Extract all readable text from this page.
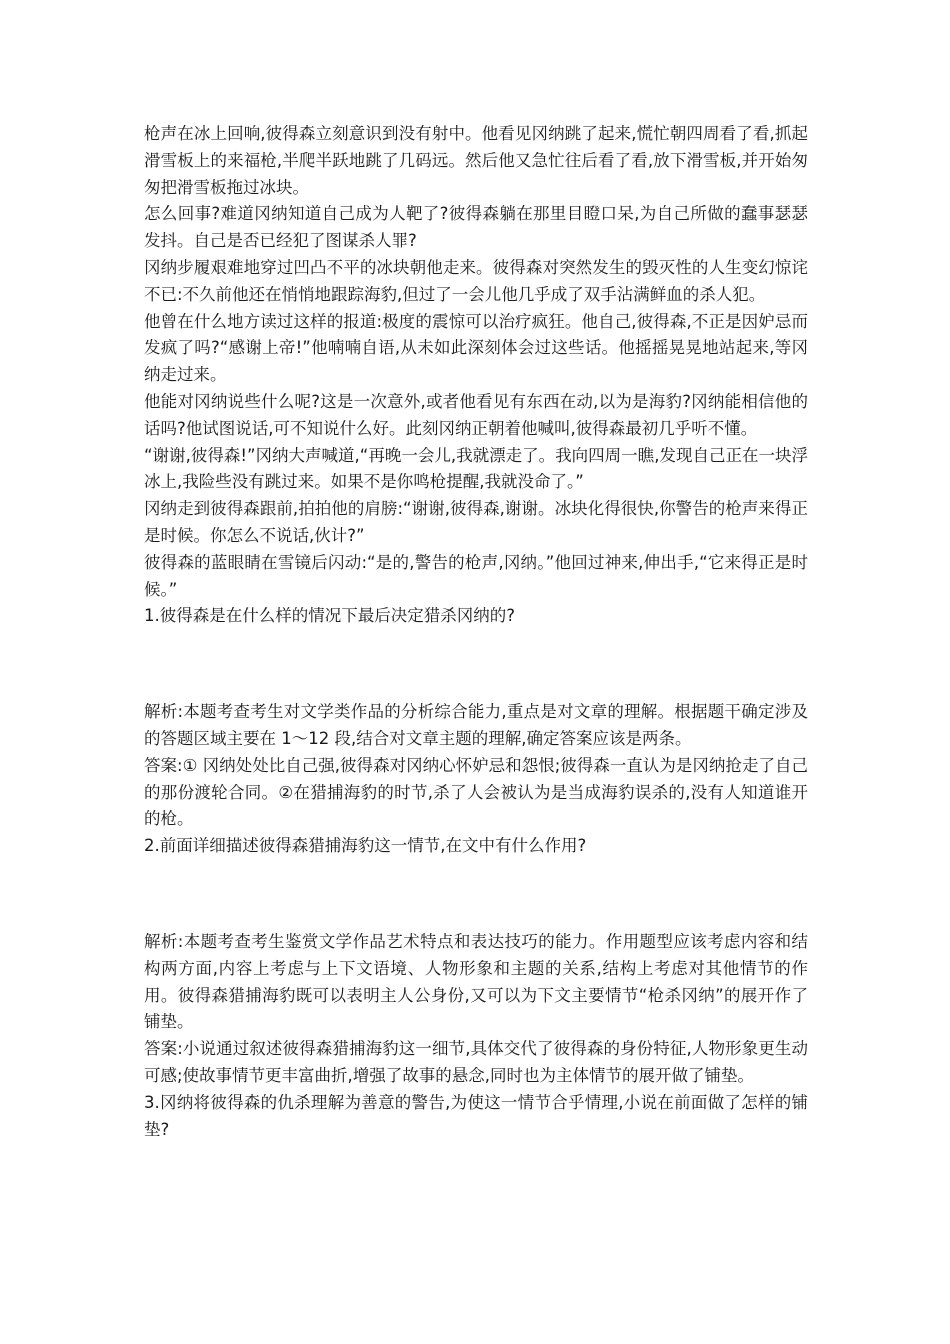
枪声在冰上回响,彼得森立刻意识到没有射中。他看见冈纳跳了起来,慌忙朝四周看了看,抓起滑雪板上的来福枪,半爬半跃地跳了几码远。然后他又急忙往后看了看,放下滑雪板,并开始匆匆把滑雪板拖过冰块。

怎么回事?难道冈纳知道自己成为人靶了?彼得森躺在那里目瞪口呆,为自己所做的蠢事瑟瑟发抖。自己是否已经犯了图谋杀人罪?

冈纳步履艰难地穿过凹凸不平的冰块朝他走来。彼得森对突然发生的毁灭性的人生变幻惊诧不已:不久前他还在悄悄地跟踪海豹,但过了一会儿他几乎成了双手沾满鲜血的杀人犯。

他曾在什么地方读过这样的报道:极度的震惊可以治疗疯狂。他自己,彼得森,不正是因妒忌而发疯了吗?“感谢上帝!”他喃喃自语,从未如此深刻体会过这些话。他摇摇晃晃地站起来,等冈纳走过来。

他能对冈纳说些什么呢?这是一次意外,或者他看见有东西在动,以为是海豹?冈纳能相信他的话吗?他试图说话,可不知说什么好。此刻冈纳正朝着他喊叫,彼得森最初几乎听不懂。

“谢谢,彼得森!”冈纳大声喊道,“再晚一会儿,我就漂走了。我向四周一瞧,发现自己正在一块浮冰上,我险些没有跳过来。如果不是你鸣枪提醒,我就没命了。”

冈纳走到彼得森跟前,拍拍他的肩膀:“谢谢,彼得森,谢谢。冰块化得很快,你警告的枪声来得正是时候。你怎么不说话,伙计?”

彼得森的蓝眼睛在雪镜后闪动:“是的,警告的枪声,冈纳。”他回过神来,伸出手,“它来得正是时候。”

1.彼得森是在什么样的情况下最后决定猎杀冈纳的?

解析:本题考查考生对文学类作品的分析综合能力,重点是对文章的理解。根据题干确定涉及的答题区域主要在 1～12 段,结合对文章主题的理解,确定答案应该是两条。

答案:① 冈纳处处比自己强,彼得森对冈纳心怀妒忌和怨恨;彼得森一直认为是冈纳抢走了自己的那份渡轮合同。②在猎捕海豹的时节,杀了人会被认为是当成海豹误杀的,没有人知道谁开的枪。

2.前面详细描述彼得森猎捕海豹这一情节,在文中有什么作用?

解析:本题考查考生鉴赏文学作品艺术特点和表达技巧的能力。作用题型应该考虑内容和结构两方面,内容上考虑与上下文语境、人物形象和主题的关系,结构上考虑对其他情节的作用。彼得森猎捕海豹既可以表明主人公身份,又可以为下文主要情节“枪杀冈纳”的展开作了铺垫。

答案:小说通过叙述彼得森猎捕海豹这一细节,具体交代了彼得森的身份特征,人物形象更生动可感;使故事情节更丰富曲折,增强了故事的悬念,同时也为主体情节的展开做了铺垫。

3.冈纳将彼得森的仇杀理解为善意的警告,为使这一情节合乎情理,小说在前面做了怎样的铺垫?
